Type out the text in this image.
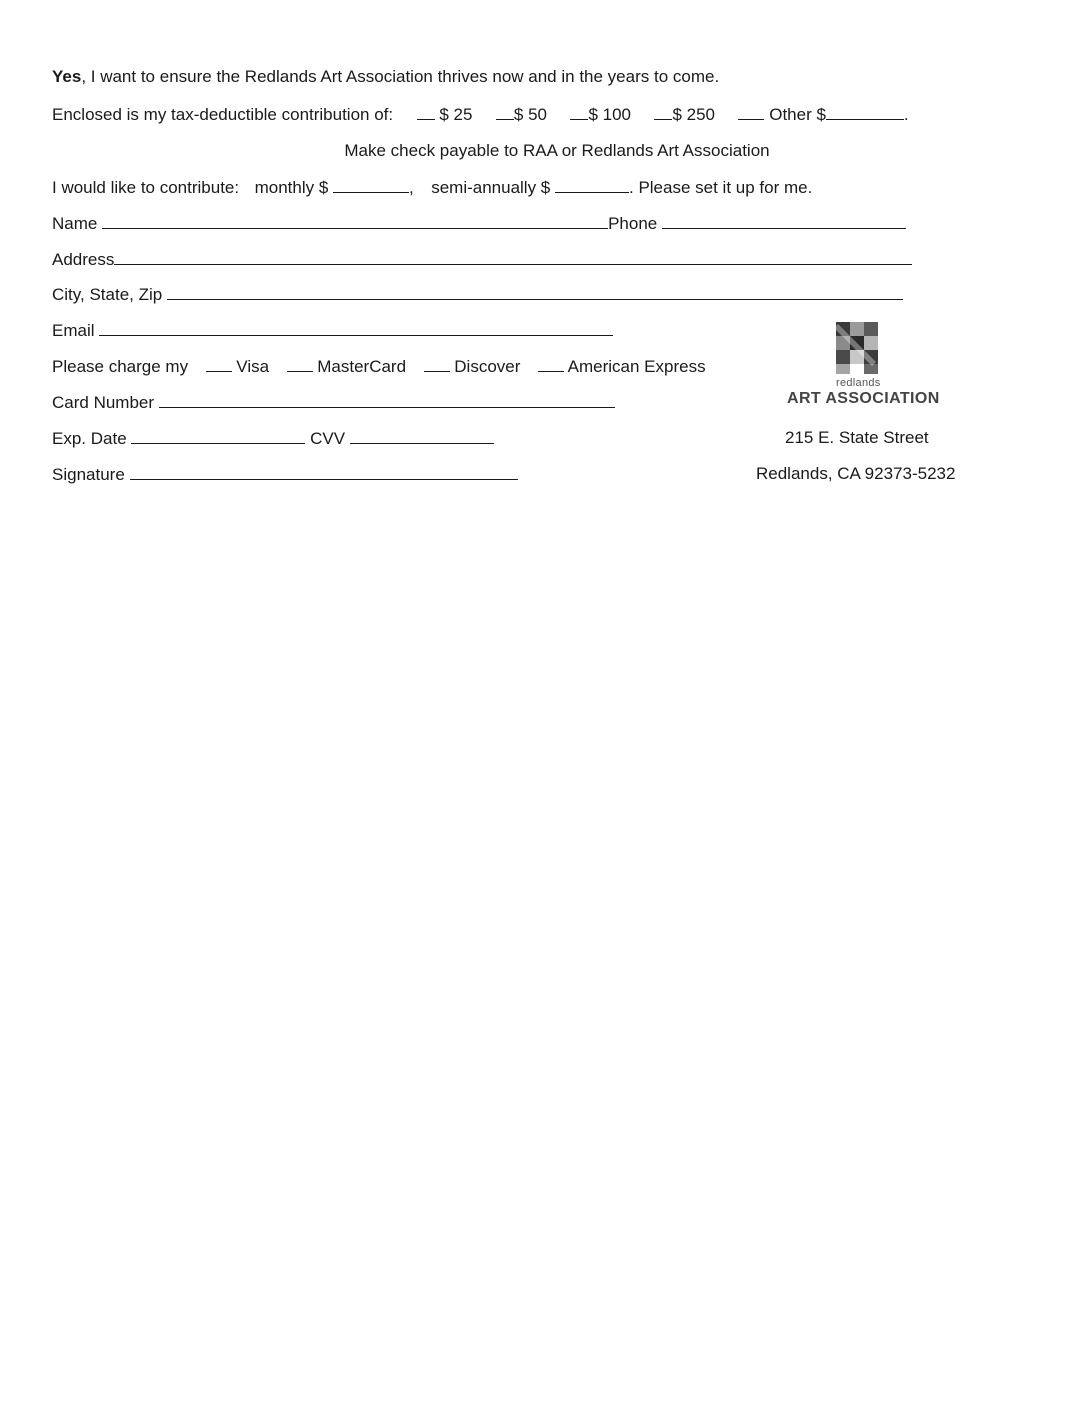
Yes, I want to ensure the Redlands Art Association thrives now and in the years to come.
Enclosed is my tax-deductible contribution of:	$ 25 $ 50 $ 100 $ 250	Other $	.
Make check payable to RAA or Redlands Art Association
I would like to contribute: monthly $	,  semi-annually $	. Please set it up for me.
Name	Phone
Address
City, State, Zip
Email
Please charge my	Visa	MasterCard	Discover	American Express
Card Number
Exp. Date	CVV
Signature
redlands
ART ASSOCIATION
215 E. State Street
Redlands, CA 92373-5232
